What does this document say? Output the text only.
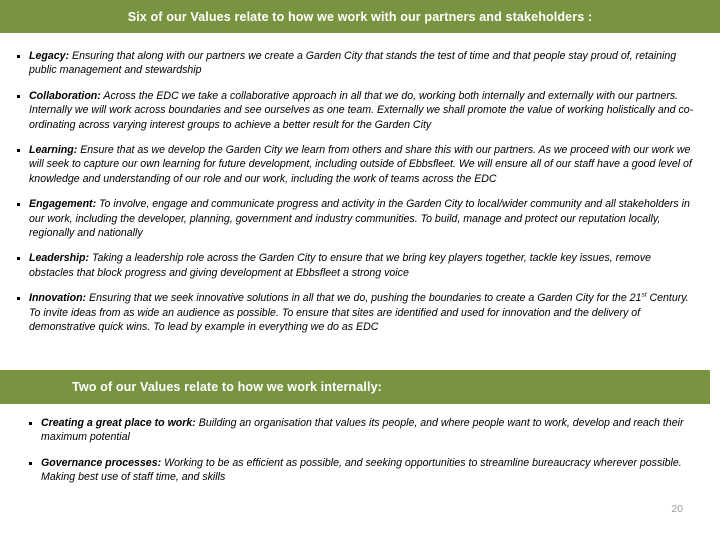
Six of our Values relate to how we work with our partners and stakeholders :
Legacy: Ensuring that along with our partners we create a Garden City that stands the test of time and that people stay proud of, retaining public management and stewardship
Collaboration: Across the EDC we take a collaborative approach in all that we do, working both internally and externally with our partners. Internally we will work across boundaries and see ourselves as one team. Externally we shall promote the value of working holistically and co-ordinating across varying interest groups to achieve a better result for the Garden City
Learning: Ensure that as we develop the Garden City we learn from others and share this with our partners. As we proceed with our work we will seek to capture our own learning for future development, including outside of Ebbsfleet. We will ensure all of our staff have a good level of knowledge and understanding of our role and our work, including the work of teams across the EDC
Engagement: To involve, engage and communicate progress and activity in the Garden City to local/wider community and all stakeholders in our work, including the developer, planning, government and industry communities. To build, manage and protect our reputation locally, regionally and nationally
Leadership: Taking a leadership role across the Garden City to ensure that we bring key players together, tackle key issues, remove obstacles that block progress and giving development at Ebbsfleet a strong voice
Innovation: Ensuring that we seek innovative solutions in all that we do, pushing the boundaries to create a Garden City for the 21st Century. To invite ideas from as wide an audience as possible. To ensure that sites are identified and used for innovation and the delivery of demonstrative quick wins. To lead by example in everything we do as EDC
Two of our Values relate to how we work internally:
Creating a great place to work: Building an organisation that values its people, and where people want to work, develop and reach their maximum potential
Governance processes: Working to be as efficient as possible, and seeking opportunities to streamline bureaucracy wherever possible. Making best use of staff time, and skills
20
